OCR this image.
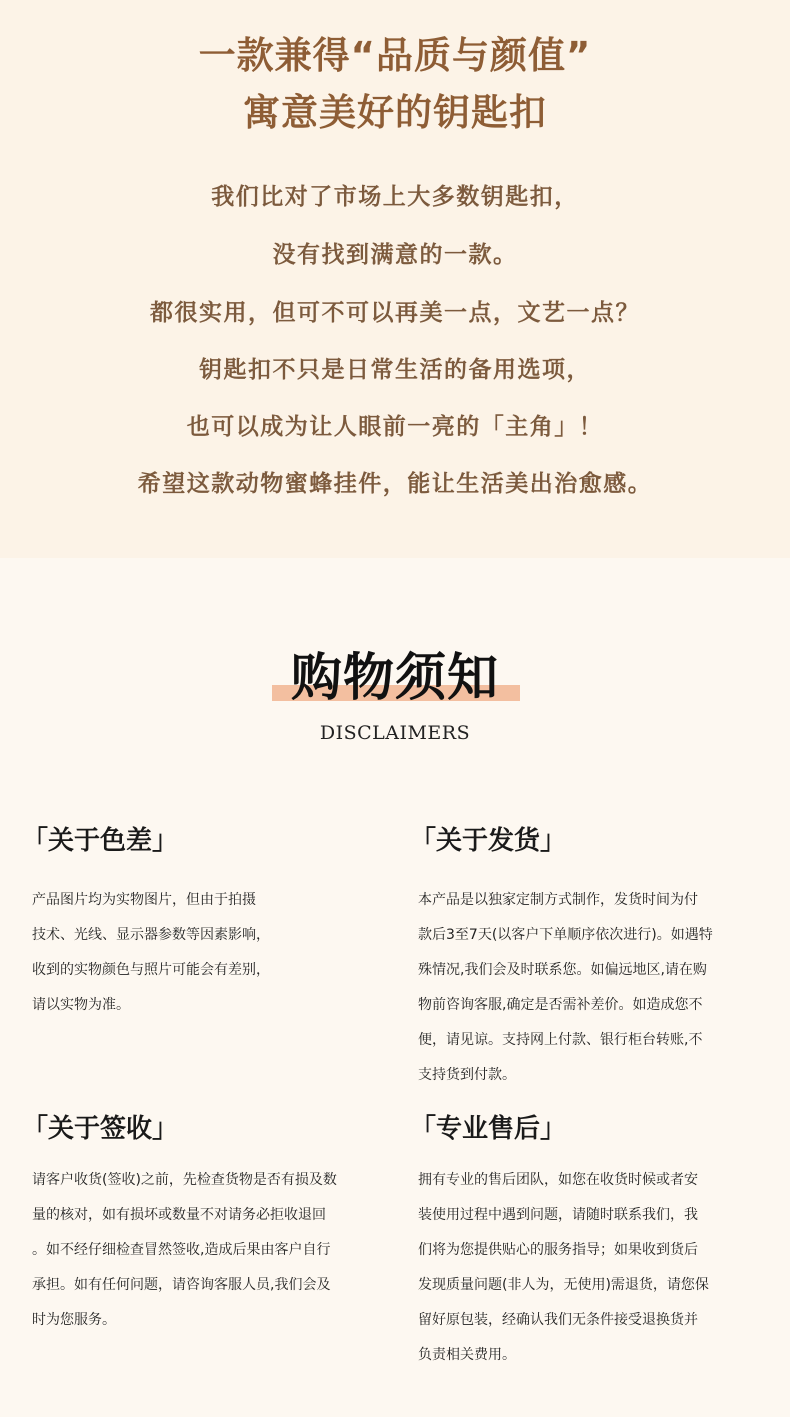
一款兼得“品质与颜值”
寓意美好的钥匙扣
我们比对了市场上大多数钥匙扣，
没有找到满意的一款。
都很实用，但可不可以再美一点，文艺一点？
钥匙扣不只是日常生活的备用选项，
也可以成为让人眼前一亮的「主角」！
希望这款动物蜜蜂挂件，能让生活美出治愈感。
购物须知
DISCLAIMERS
「关于色差」
产品图片均为实物图片，但由于拍摄
技术、光线、显示器参数等因素影响，
收到的实物颜色与照片可能会有差别，
请以实物为准。
「关于发货」
本产品是以独家定制方式制作，发货时间为付
款后3至7天(以客户下单顺序依次进行)。如遇特
殊情况,我们会及时联系您。如偏远地区,请在购
物前咨询客服,确定是否需补差价。如造成您不
便，请见谅。支持网上付款、银行柜台转账,不
支持货到付款。
「关于签收」
请客户收货(签收)之前，先检查货物是否有损及数
量的核对，如有损坏或数量不对请务必拒收退回
。如不经仔细检查冒然签收,造成后果由客户自行
承担。如有任何问题，请咨询客服人员,我们会及
时为您服务。
「专业售后」
拥有专业的售后团队，如您在收货时候或者安
装使用过程中遇到问题，请随时联系我们，我
们将为您提供贴心的服务指导；如果收到货后
发现质量问题(非人为，无使用)需退货，请您保
留好原包装，经确认我们无条件接受退换货并
负责相关费用。
